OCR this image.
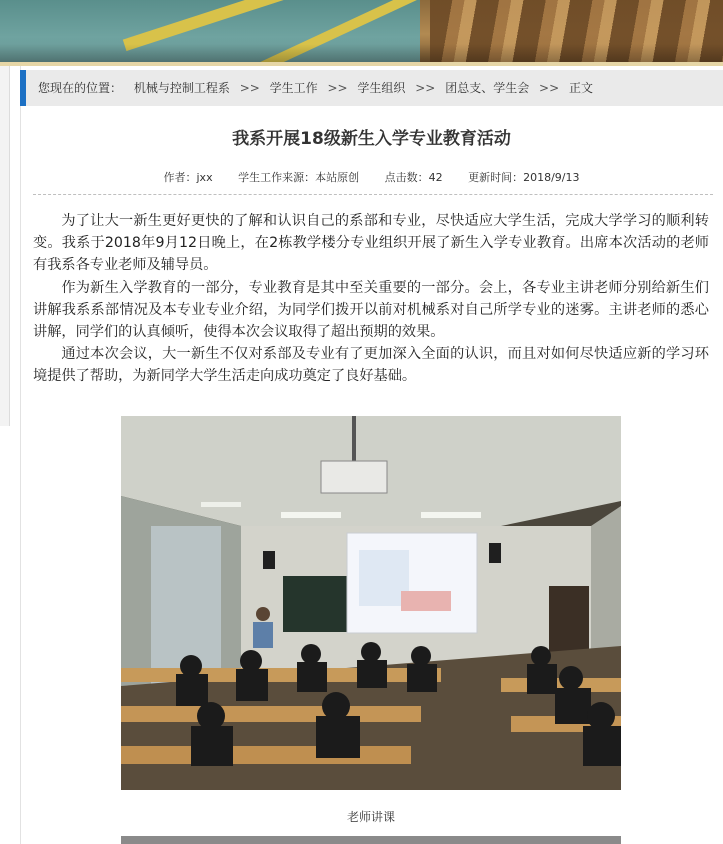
您现在的位置： 机械与控制工程系 >> 学生工作 >> 学生组织 >> 团总支、学生会 >> 正文
我系开展18级新生入学专业教育活动
作者：jxx 学生工作来源：本站原创 点击数：42 更新时间：2018/9/13

为了让大一新生更好更快的了解和认识自己的系部和专业，尽快适应大学生活，完成大学学习的顺利转变。我系于2018年9月12日晚上，在2栋教学楼分专业组织开展了新生入学专业教育。出席本次活动的老师有我系各专业老师及辅导员。

作为新生入学教育的一部分，专业教育是其中至关重要的一部分。会上，各专业主讲老师分别给新生们讲解我系系部情况及本专业专业介绍，为同学们拨开以前对机械系对自己所学专业的迷雾。主讲老师的悉心讲解，同学们的认真倾听，使得本次会议取得了超出预期的效果。

通过本次会议，大一新生不仅对系部及专业有了更加深入全面的认识，而且对如何尽快适应新的学习环境提供了帮助，为新同学大学生活走向成功奠定了良好基础。

老师讲课
